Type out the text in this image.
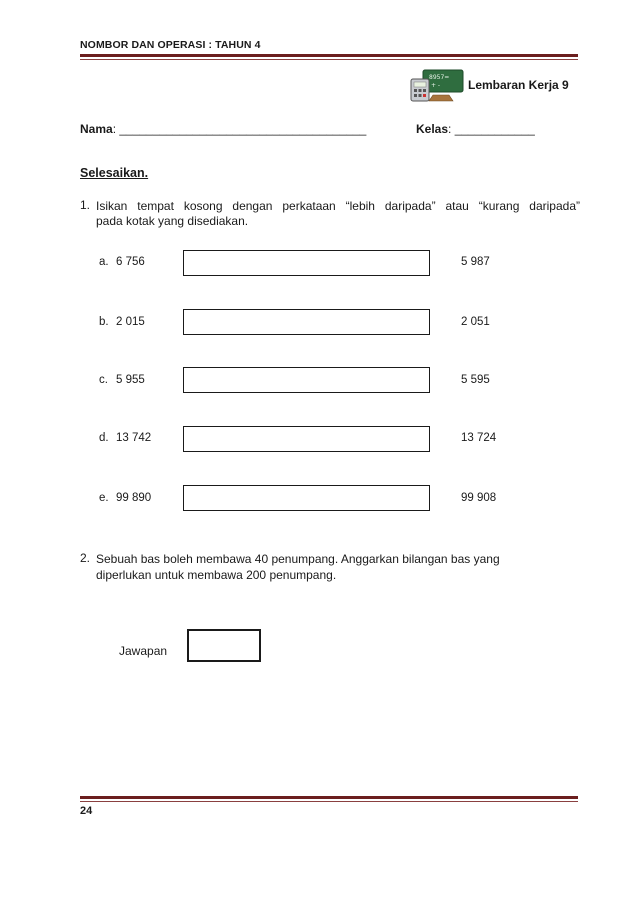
NOMBOR DAN OPERASI : TAHUN 4
8957=
+ - Lembaran Kerja 9
Nama: _____________________________________	Kelas: ____________
Selesaikan.
1. Isikan tempat kosong dengan perkataan “lebih daripada” atau “kurang daripada”
pada kotak yang disediakan.
a. 6 756	5 987
b. 2 015	2 051
c. 5 955	5 595
d. 13 742	13 724
e. 99 890	99 908
2. Sebuah bas boleh membawa 40 penumpang. Anggarkan bilangan bas yang
diperlukan untuk membawa 200 penumpang.
Jawapan
24
